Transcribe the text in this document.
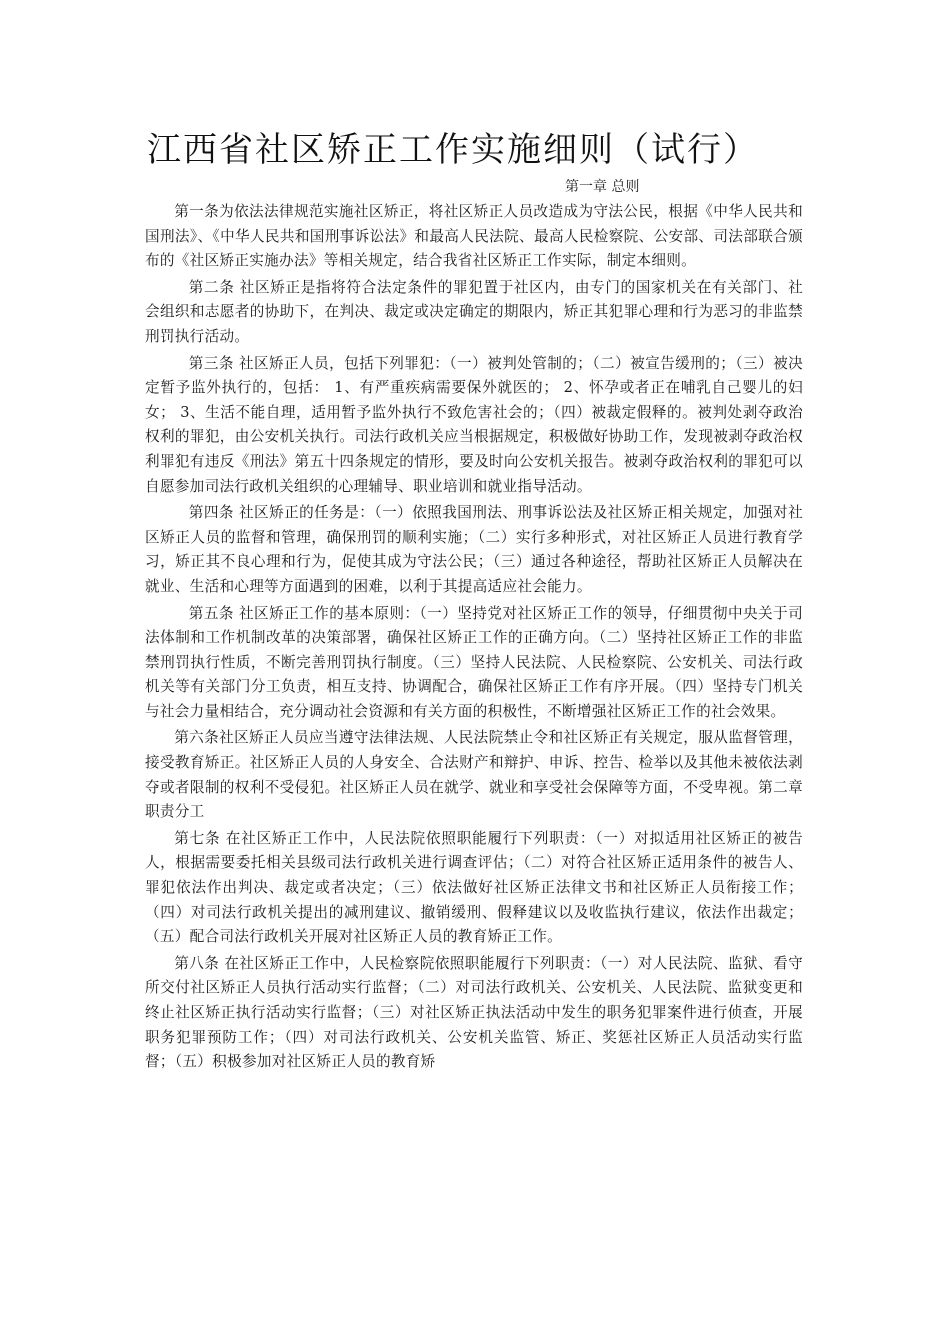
江西省社区矫正工作实施细则（试行）
第一章 总则

第一条为依法法律规范实施社区矫正，将社区矫正人员改造成为守法公民，根据《中华人民共和国刑法》、《中华人民共和国刑事诉讼法》和最高人民法院、最高人民检察院、公安部、司法部联合颁布的《社区矫正实施办法》等相关规定，结合我省社区矫正工作实际，制定本细则。

第二条 社区矫正是指将符合法定条件的罪犯置于社区内，由专门的国家机关在有关部门、社会组织和志愿者的协助下，在判决、裁定或决定确定的期限内，矫正其犯罪心理和行为恶习的非监禁刑罚执行活动。

第三条 社区矫正人员，包括下列罪犯：（一）被判处管制的；（二）被宣告缓刑的；（三）被决定暂予监外执行的，包括： 1、有严重疾病需要保外就医的； 2、怀孕或者正在哺乳自己婴儿的妇女； 3、生活不能自理，适用暂予监外执行不致危害社会的；（四）被裁定假释的。被判处剥夺政治权利的罪犯，由公安机关执行。司法行政机关应当根据规定，积极做好协助工作，发现被剥夺政治权利罪犯有违反《刑法》第五十四条规定的情形，要及时向公安机关报告。被剥夺政治权利的罪犯可以自愿参加司法行政机关组织的心理辅导、职业培训和就业指导活动。

第四条 社区矫正的任务是：（一）依照我国刑法、刑事诉讼法及社区矫正相关规定，加强对社区矫正人员的监督和管理，确保刑罚的顺利实施；（二）实行多种形式，对社区矫正人员进行教育学习，矫正其不良心理和行为，促使其成为守法公民；（三）通过各种途径，帮助社区矫正人员解决在就业、生活和心理等方面遇到的困难，以利于其提高适应社会能力。

第五条 社区矫正工作的基本原则：（一）坚持党对社区矫正工作的领导，仔细贯彻中央关于司法体制和工作机制改革的决策部署，确保社区矫正工作的正确方向。（二）坚持社区矫正工作的非监禁刑罚执行性质，不断完善刑罚执行制度。（三）坚持人民法院、人民检察院、公安机关、司法行政机关等有关部门分工负责，相互支持、协调配合，确保社区矫正工作有序开展。（四）坚持专门机关与社会力量相结合，充分调动社会资源和有关方面的积极性，不断增强社区矫正工作的社会效果。

第六条社区矫正人员应当遵守法律法规、人民法院禁止令和社区矫正有关规定，服从监督管理，接受教育矫正。社区矫正人员的人身安全、合法财产和辩护、申诉、控告、检举以及其他未被依法剥夺或者限制的权利不受侵犯。社区矫正人员在就学、就业和享受社会保障等方面，不受卑视。第二章 职责分工

第七条 在社区矫正工作中，人民法院依照职能履行下列职责：（一）对拟适用社区矫正的被告人，根据需要委托相关县级司法行政机关进行调查评估；（二）对符合社区矫正适用条件的被告人、罪犯依法作出判决、裁定或者决定；（三）依法做好社区矫正法律文书和社区矫正人员衔接工作；（四）对司法行政机关提出的减刑建议、撤销缓刑、假释建议以及收监执行建议，依法作出裁定；（五）配合司法行政机关开展对社区矫正人员的教育矫正工作。

第八条 在社区矫正工作中，人民检察院依照职能履行下列职责：（一）对人民法院、监狱、看守所交付社区矫正人员执行活动实行监督；（二）对司法行政机关、公安机关、人民法院、监狱变更和终止社区矫正执行活动实行监督；（三）对社区矫正执法活动中发生的职务犯罪案件进行侦查，开展职务犯罪预防工作；（四）对司法行政机关、公安机关监管、矫正、奖惩社区矫正人员活动实行监督；（五）积极参加对社区矫正人员的教育矫
